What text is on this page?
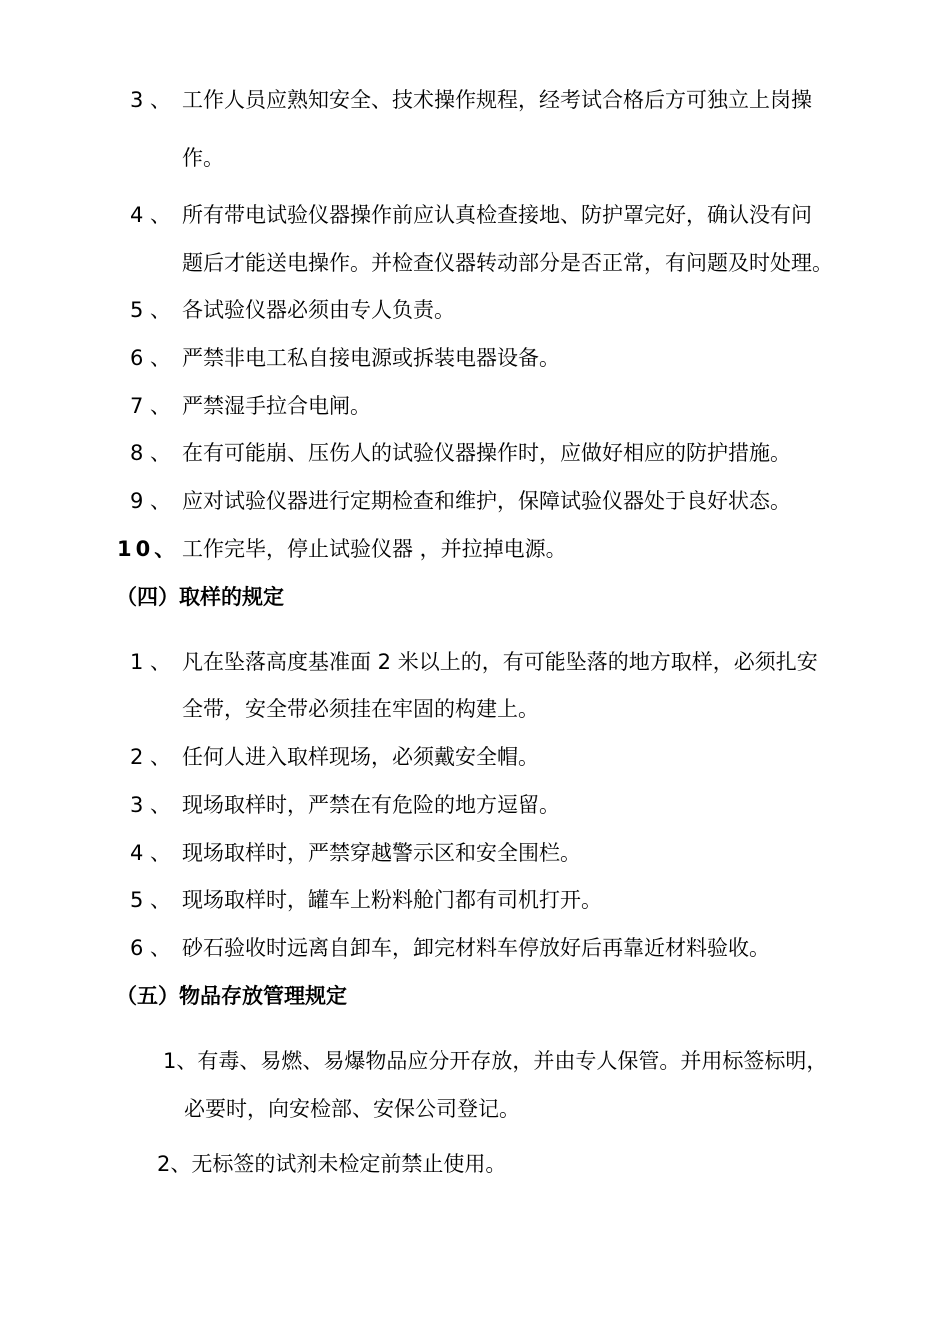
3 、 工作人员应熟知安全、技术操作规程，经考试合格后方可独立上岗操
作。
4 、 所有带电试验仪器操作前应认真检查接地、防护罩完好，确认没有问
题后才能送电操作。并检查仪器转动部分是否正常，有问题及时处理。
5 、 各试验仪器必须由专人负责。
6 、 严禁非电工私自接电源或拆装电器设备。
7 、 严禁湿手拉合电闸。
8 、 在有可能崩、压伤人的试验仪器操作时，应做好相应的防护措施。
9 、 应对试验仪器进行定期检查和维护，保障试验仪器处于良好状态。
10、 工作完毕，停止试验仪器 ，并拉掉电源。
（四）取样的规定
1 、 凡在坠落高度基准面 2 米以上的，有可能坠落的地方取样，必须扎安
全带，安全带必须挂在牢固的构建上。
2 、 任何人进入取样现场，必须戴安全帽。
3 、 现场取样时，严禁在有危险的地方逗留。
4 、 现场取样时，严禁穿越警示区和安全围栏。
5 、 现场取样时，罐车上粉料舱门都有司机打开。
6 、 砂石验收时远离自卸车，卸完材料车停放好后再靠近材料验收。
（五）物品存放管理规定
1、有毒、易燃、易爆物品应分开存放，并由专人保管。并用标签标明，
必要时，向安检部、安保公司登记。
2、无标签的试剂未检定前禁止使用。
